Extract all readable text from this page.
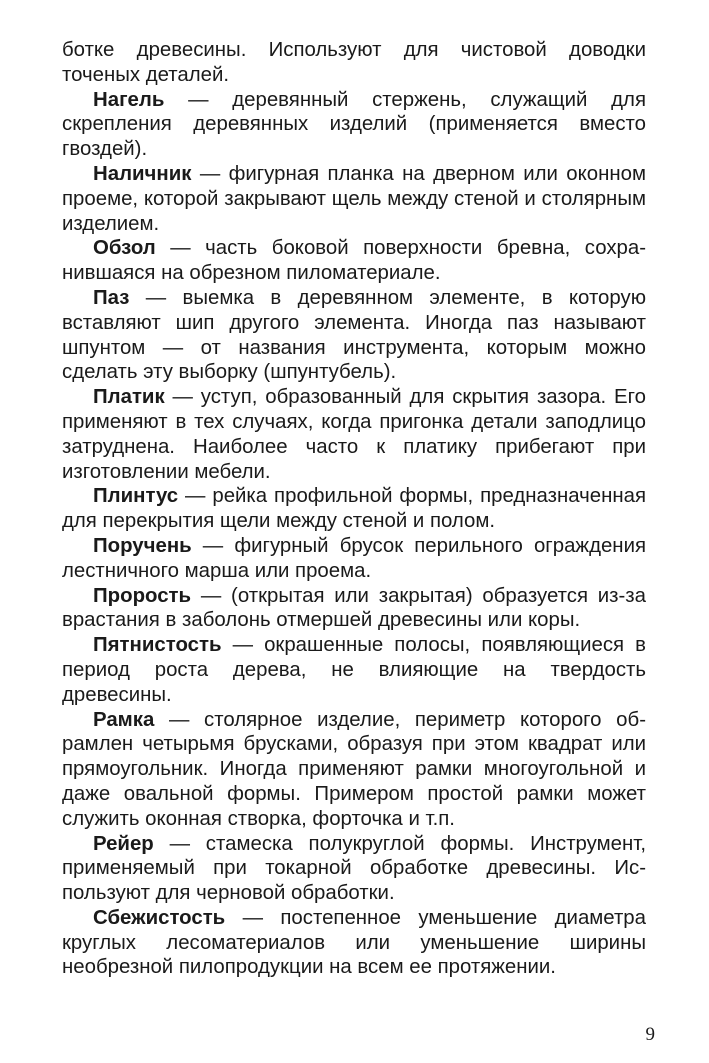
ботке древесины. Используют для чистовой доводки точеных деталей.

Нагель — деревянный стержень, служащий для скрепления деревянных изделий (применяется вместо гвоздей).

Наличник — фигурная планка на дверном или оконном проеме, которой закрывают щель между стеной и столярным изделием.

Обзол — часть боковой поверхности бревна, сохранившаяся на обрезном пиломатериале.

Паз — выемка в деревянном элементе, в которую вставляют шип другого элемента. Иногда паз называют шпунтом — от названия инструмента, которым можно сделать эту выборку (шпунтубель).

Платик — уступ, образованный для скрытия зазора. Его применяют в тех случаях, когда пригонка детали заподлицо затруднена. Наиболее часто к платику прибегают при изготовлении мебели.

Плинтус — рейка профильной формы, предназначенная для перекрытия щели между стеной и полом.

Поручень — фигурный брусок перильного ограждения лестничного марша или проема.

Прорость — (открытая или закрытая) образуется из-за врастания в заболонь отмершей древесины или коры.

Пятнистость — окрашенные полосы, появляющиеся в период роста дерева, не влияющие на твердость древесины.

Рамка — столярное изделие, периметр которого обрамлен четырьмя брусками, образуя при этом квадрат или прямоугольник. Иногда применяют рамки многоугольной и даже овальной формы. Примером простой рамки может служить оконная створка, форточка и т.п.

Рейер — стамеска полукруглой формы. Инструмент, применяемый при токарной обработке древесины. Используют для черновой обработки.

Сбежистость — постепенное уменьшение диаметра круглых лесоматериалов или уменьшение ширины необрезной пилопродукции на всем ее протяжении.

9
